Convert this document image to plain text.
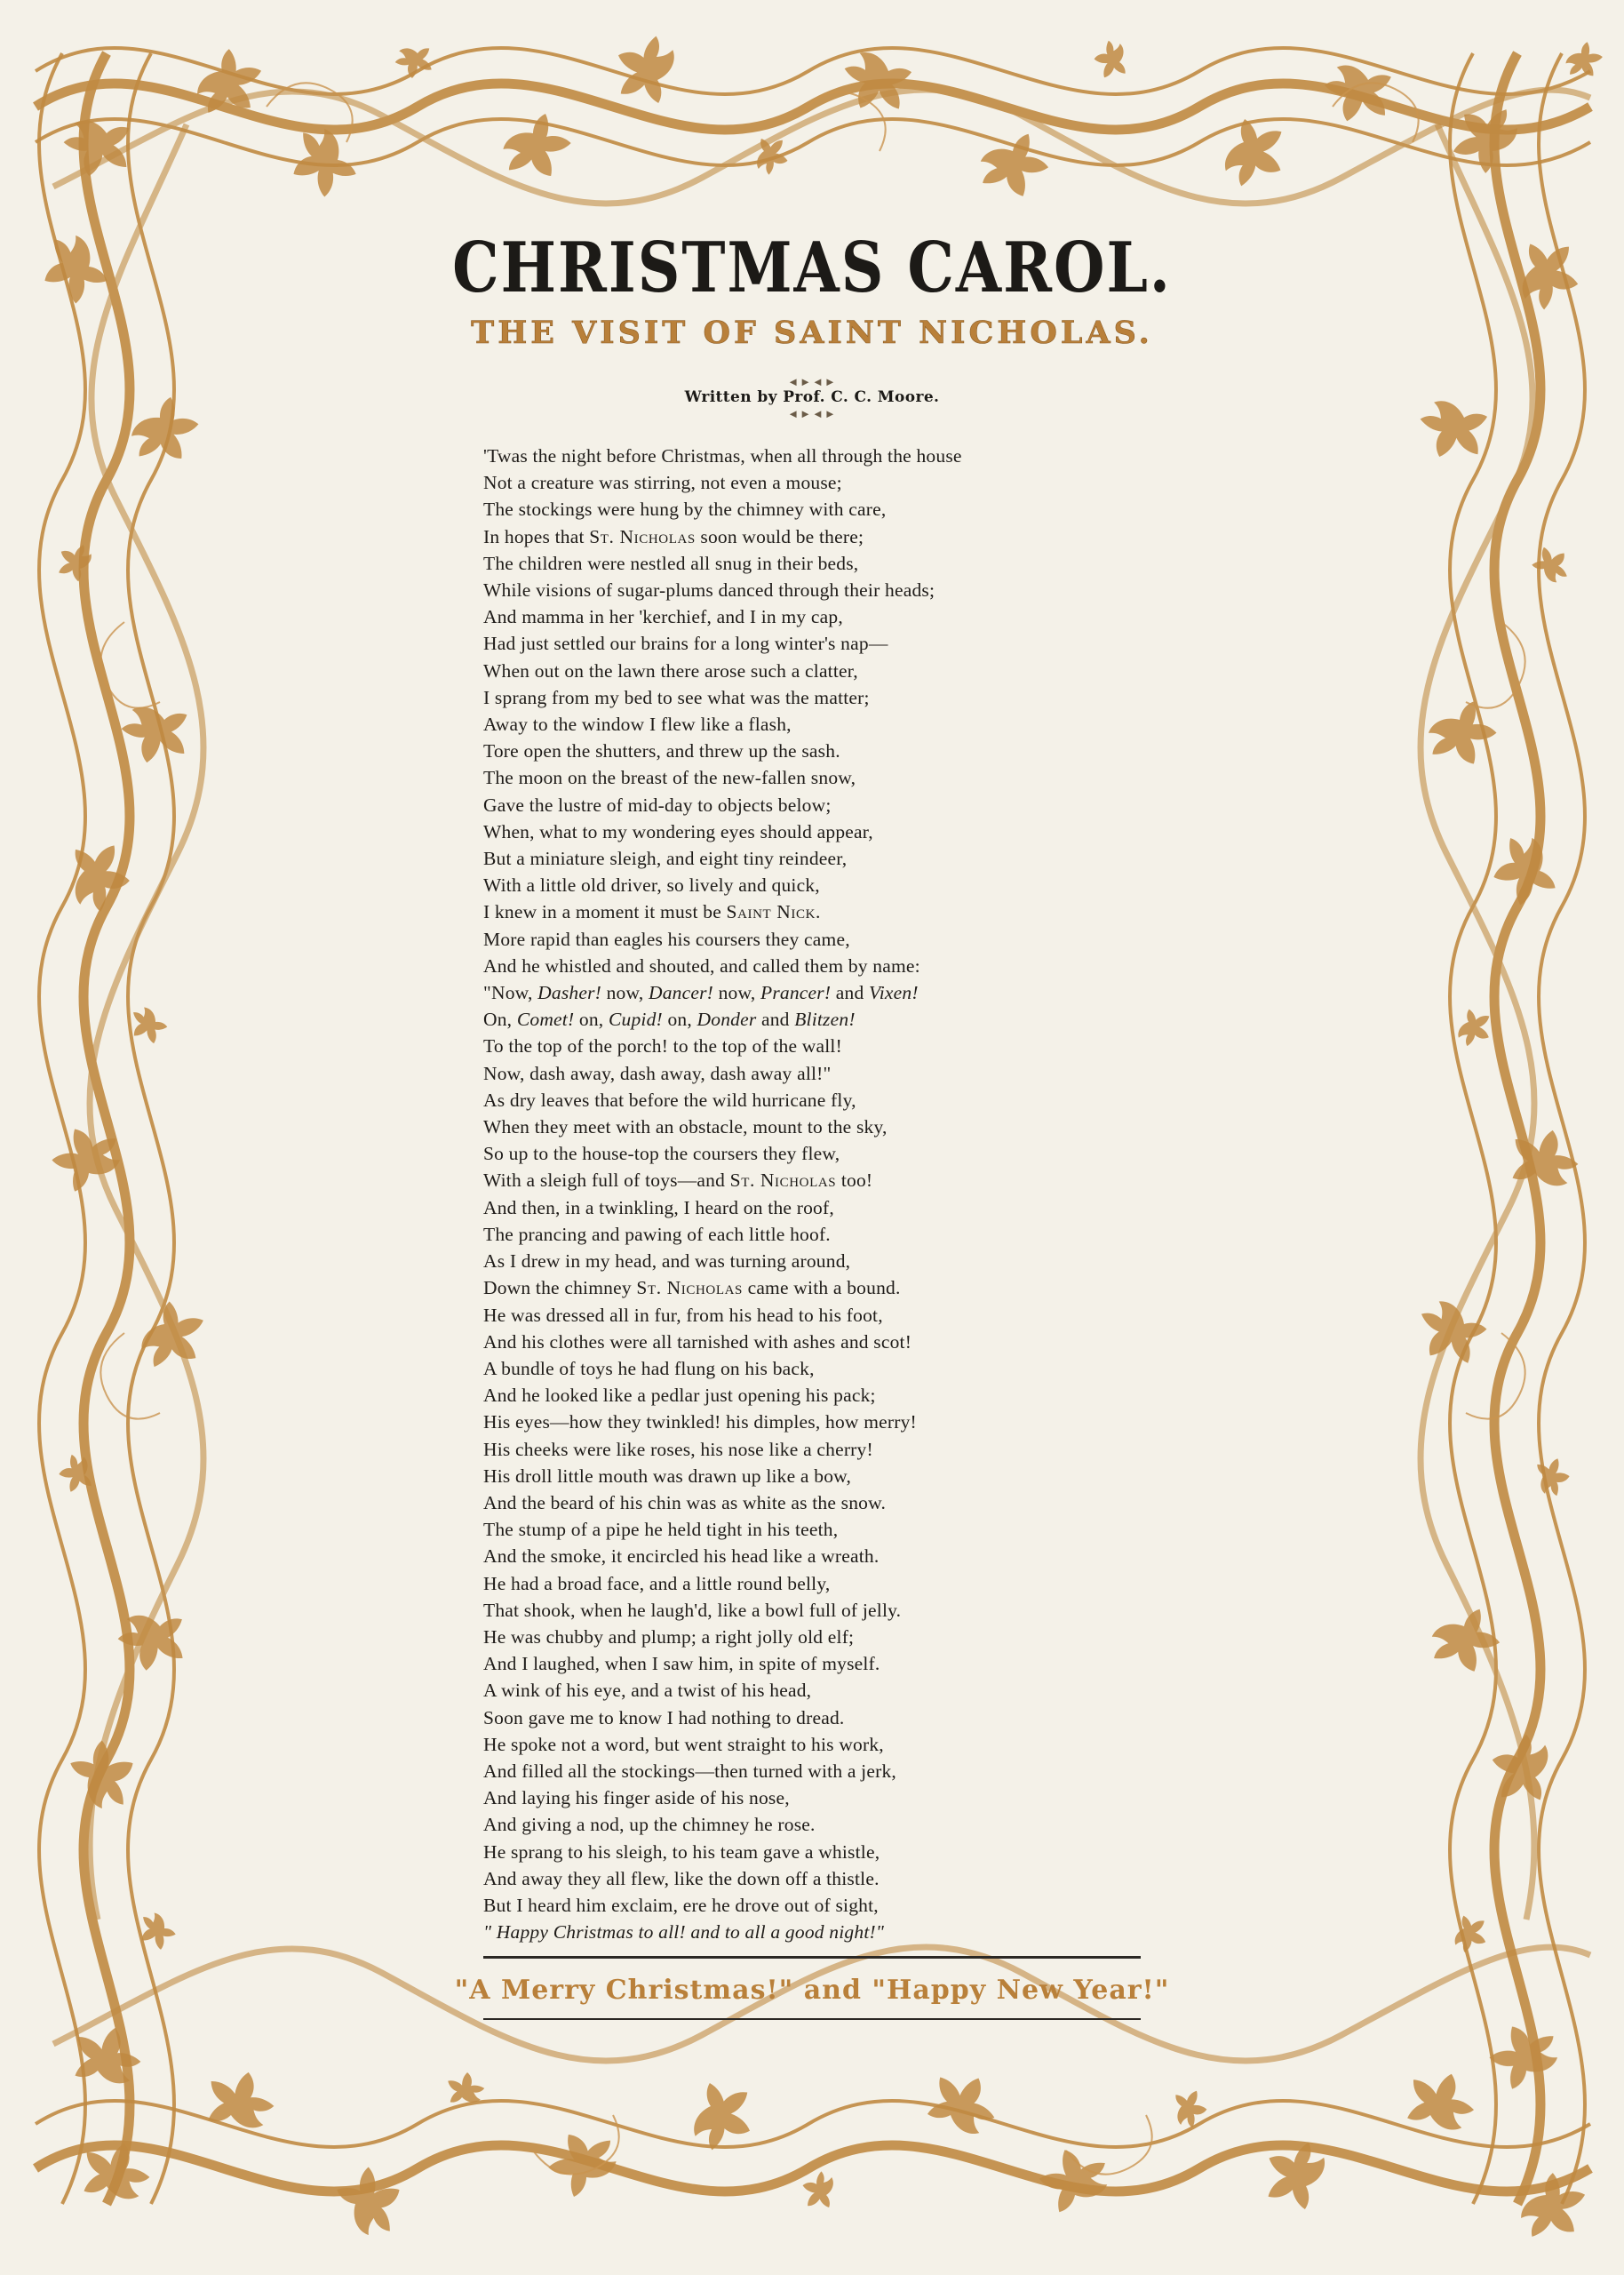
CHRISTMAS CAROL.
THE VISIT OF SAINT NICHOLAS.
◄►◄►
Written by Prof. C. C. Moore.
◄►◄►
'Twas the night before Christmas, when all through the house
Not a creature was stirring, not even a mouse;
The stockings were hung by the chimney with care,
In hopes that St. Nicholas soon would be there;
The children were nestled all snug in their beds,
While visions of sugar-plums danced through their heads;
And mamma in her 'kerchief, and I in my cap,
Had just settled our brains for a long winter's nap—
When out on the lawn there arose such a clatter,
I sprang from my bed to see what was the matter;
Away to the window I flew like a flash,
Tore open the shutters, and threw up the sash.
The moon on the breast of the new-fallen snow,
Gave the lustre of mid-day to objects below;
When, what to my wondering eyes should appear,
But a miniature sleigh, and eight tiny reindeer,
With a little old driver, so lively and quick,
I knew in a moment it must be Saint Nick.
More rapid than eagles his coursers they came,
And he whistled and shouted, and called them by name:
"Now, Dasher! now, Dancer! now, Prancer! and Vixen!
On, Comet! on, Cupid! on, Donder and Blitzen!
To the top of the porch! to the top of the wall!
Now, dash away, dash away, dash away all!"
As dry leaves that before the wild hurricane fly,
When they meet with an obstacle, mount to the sky,
So up to the house-top the coursers they flew,
With a sleigh full of toys—and St. Nicholas too!
And then, in a twinkling, I heard on the roof,
The prancing and pawing of each little hoof.
As I drew in my head, and was turning around,
Down the chimney St. Nicholas came with a bound.
He was dressed all in fur, from his head to his foot,
And his clothes were all tarnished with ashes and scot!
A bundle of toys he had flung on his back,
And he looked like a pedlar just opening his pack;
His eyes—how they twinkled! his dimples, how merry!
His cheeks were like roses, his nose like a cherry!
His droll little mouth was drawn up like a bow,
And the beard of his chin was as white as the snow.
The stump of a pipe he held tight in his teeth,
And the smoke, it encircled his head like a wreath.
He had a broad face, and a little round belly,
That shook, when he laugh'd, like a bowl full of jelly.
He was chubby and plump; a right jolly old elf;
And I laughed, when I saw him, in spite of myself.
A wink of his eye, and a twist of his head,
Soon gave me to know I had nothing to dread.
He spoke not a word, but went straight to his work,
And filled all the stockings—then turned with a jerk,
And laying his finger aside of his nose,
And giving a nod, up the chimney he rose.
He sprang to his sleigh, to his team gave a whistle,
And away they all flew, like the down off a thistle.
But I heard him exclaim, ere he drove out of sight,
" Happy Christmas to all! and to all a good night!"
"A Merry Christmas!" and "Happy New Year!"
